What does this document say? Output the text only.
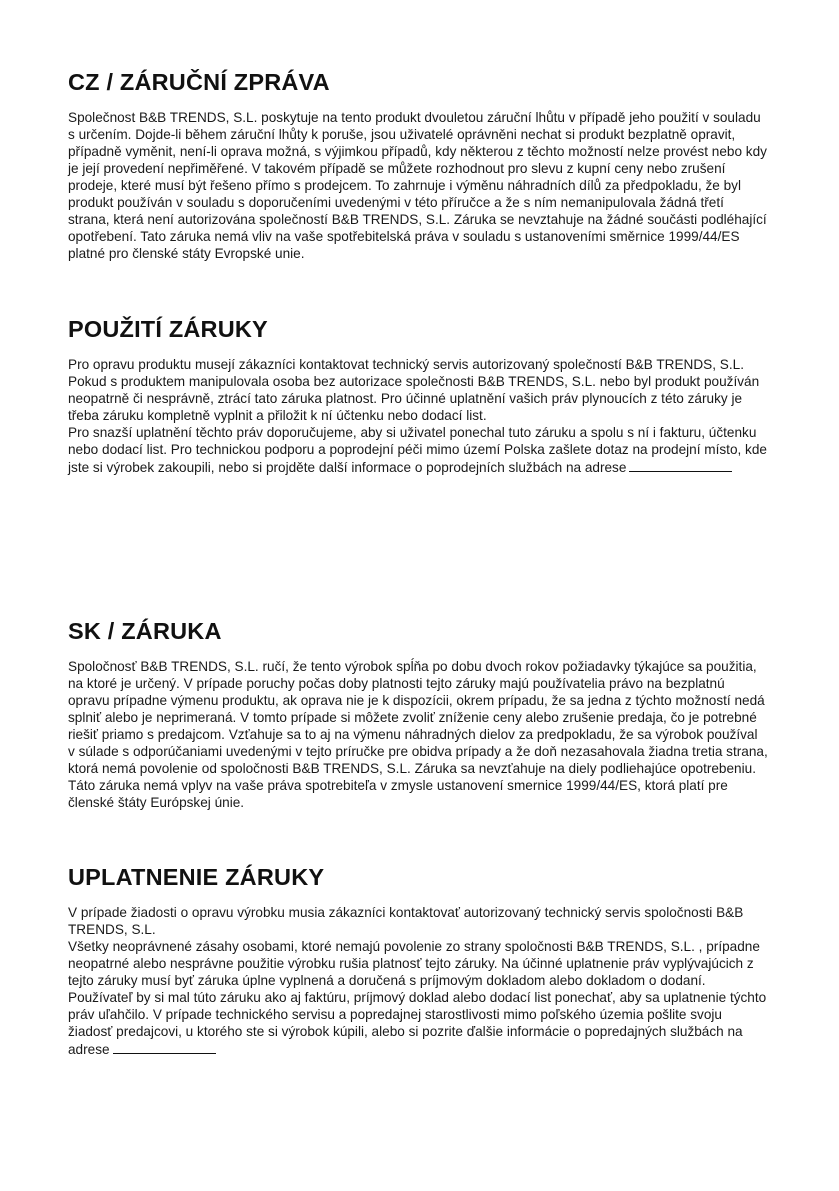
CZ / ZÁRUČNÍ ZPRÁVA

Společnost B&B TRENDS, S.L. poskytuje na tento produkt dvouletou záruční lhůtu v případě jeho použití v souladu s určením. Dojde-li během záruční lhůty k poruše, jsou uživatelé oprávněni nechat si produkt bezplatně opravit, případně vyměnit, není-li oprava možná, s výjimkou případů, kdy některou z těchto možností nelze provést nebo kdy je její provedení nepřiměřené. V takovém případě se můžete rozhodnout pro slevu z kupní ceny nebo zrušení prodeje, které musí být řešeno přímo s prodejcem. To zahrnuje i výměnu náhradních dílů za předpokladu, že byl produkt používán v souladu s doporučeními uvedenými v této příručce a že s ním nemanipulovala žádná třetí strana, která není autorizována společností B&B TRENDS, S.L. Záruka se nevztahuje na žádné součásti podléhající opotřebení. Tato záruka nemá vliv na vaše spotřebitelská práva v souladu s ustanoveními směrnice 1999/44/ES platné pro členské státy Evropské unie.

POUŽITÍ ZÁRUKY

Pro opravu produktu musejí zákazníci kontaktovat technický servis autorizovaný společností B&B TRENDS, S.L.

Pokud s produktem manipulovala osoba bez autorizace společnosti B&B TRENDS, S.L. nebo byl produkt používán neopatrně či nesprávně, ztrácí tato záruka platnost. Pro účinné uplatnění vašich práv plynoucích z této záruky je třeba záruku kompletně vyplnit a přiložit k ní účtenku nebo dodací list.

Pro snazší uplatnění těchto práv doporučujeme, aby si uživatel ponechal tuto záruku a spolu s ní i fakturu, účtenku nebo dodací list. Pro technickou podporu a poprodejní péči mimo území Polska zašlete dotaz na prodejní místo, kde jste si výrobek zakoupili, nebo si projděte další informace o poprodejních službách na adrese

SK / ZÁRUKA

Spoločnosť B&B TRENDS, S.L. ručí, že tento výrobok spĺňa po dobu dvoch rokov požiadavky týkajúce sa použitia, na ktoré je určený. V prípade poruchy počas doby platnosti tejto záruky majú používatelia právo na bezplatnú opravu prípadne výmenu produktu, ak oprava nie je k dispozícii, okrem prípadu, že sa jedna z týchto možností nedá splniť alebo je neprimeraná. V tomto prípade si môžete zvoliť zníženie ceny alebo zrušenie predaja, čo je potrebné riešiť priamo s predajcom. Vzťahuje sa to aj na výmenu náhradných dielov za predpokladu, že sa výrobok používal v súlade s odporúčaniami uvedenými v tejto príručke pre obidva prípady a že doň nezasahovala žiadna tretia strana, ktorá nemá povolenie od spoločnosti B&B TRENDS, S.L. Záruka sa nevzťahuje na diely podliehajúce opotrebeniu. Táto záruka nemá vplyv na vaše práva spotrebiteľa v zmysle ustanovení smernice 1999/44/ES, ktorá platí pre členské štáty Európskej únie.

UPLATNENIE ZÁRUKY

V prípade žiadosti o opravu výrobku musia zákazníci kontaktovať autorizovaný technický servis spoločnosti B&B TRENDS, S.L.

Všetky neoprávnené zásahy osobami, ktoré nemajú povolenie zo strany spoločnosti B&B TRENDS, S.L. , prípadne neopatrné alebo nesprávne použitie výrobku rušia platnosť tejto záruky. Na účinné uplatnenie práv vyplývajúcich z tejto záruky musí byť záruka úplne vyplnená a doručená s príjmovým dokladom alebo dokladom o dodaní.

Používateľ by si mal túto záruku ako aj faktúru, príjmový doklad alebo dodací list ponechať, aby sa uplatnenie týchto práv uľahčilo. V prípade technického servisu a popredajnej starostlivosti mimo poľského územia pošlite svoju žiadosť predajcovi, u ktorého ste si výrobok kúpili, alebo si pozrite ďalšie informácie o popredajných službách na adrese
